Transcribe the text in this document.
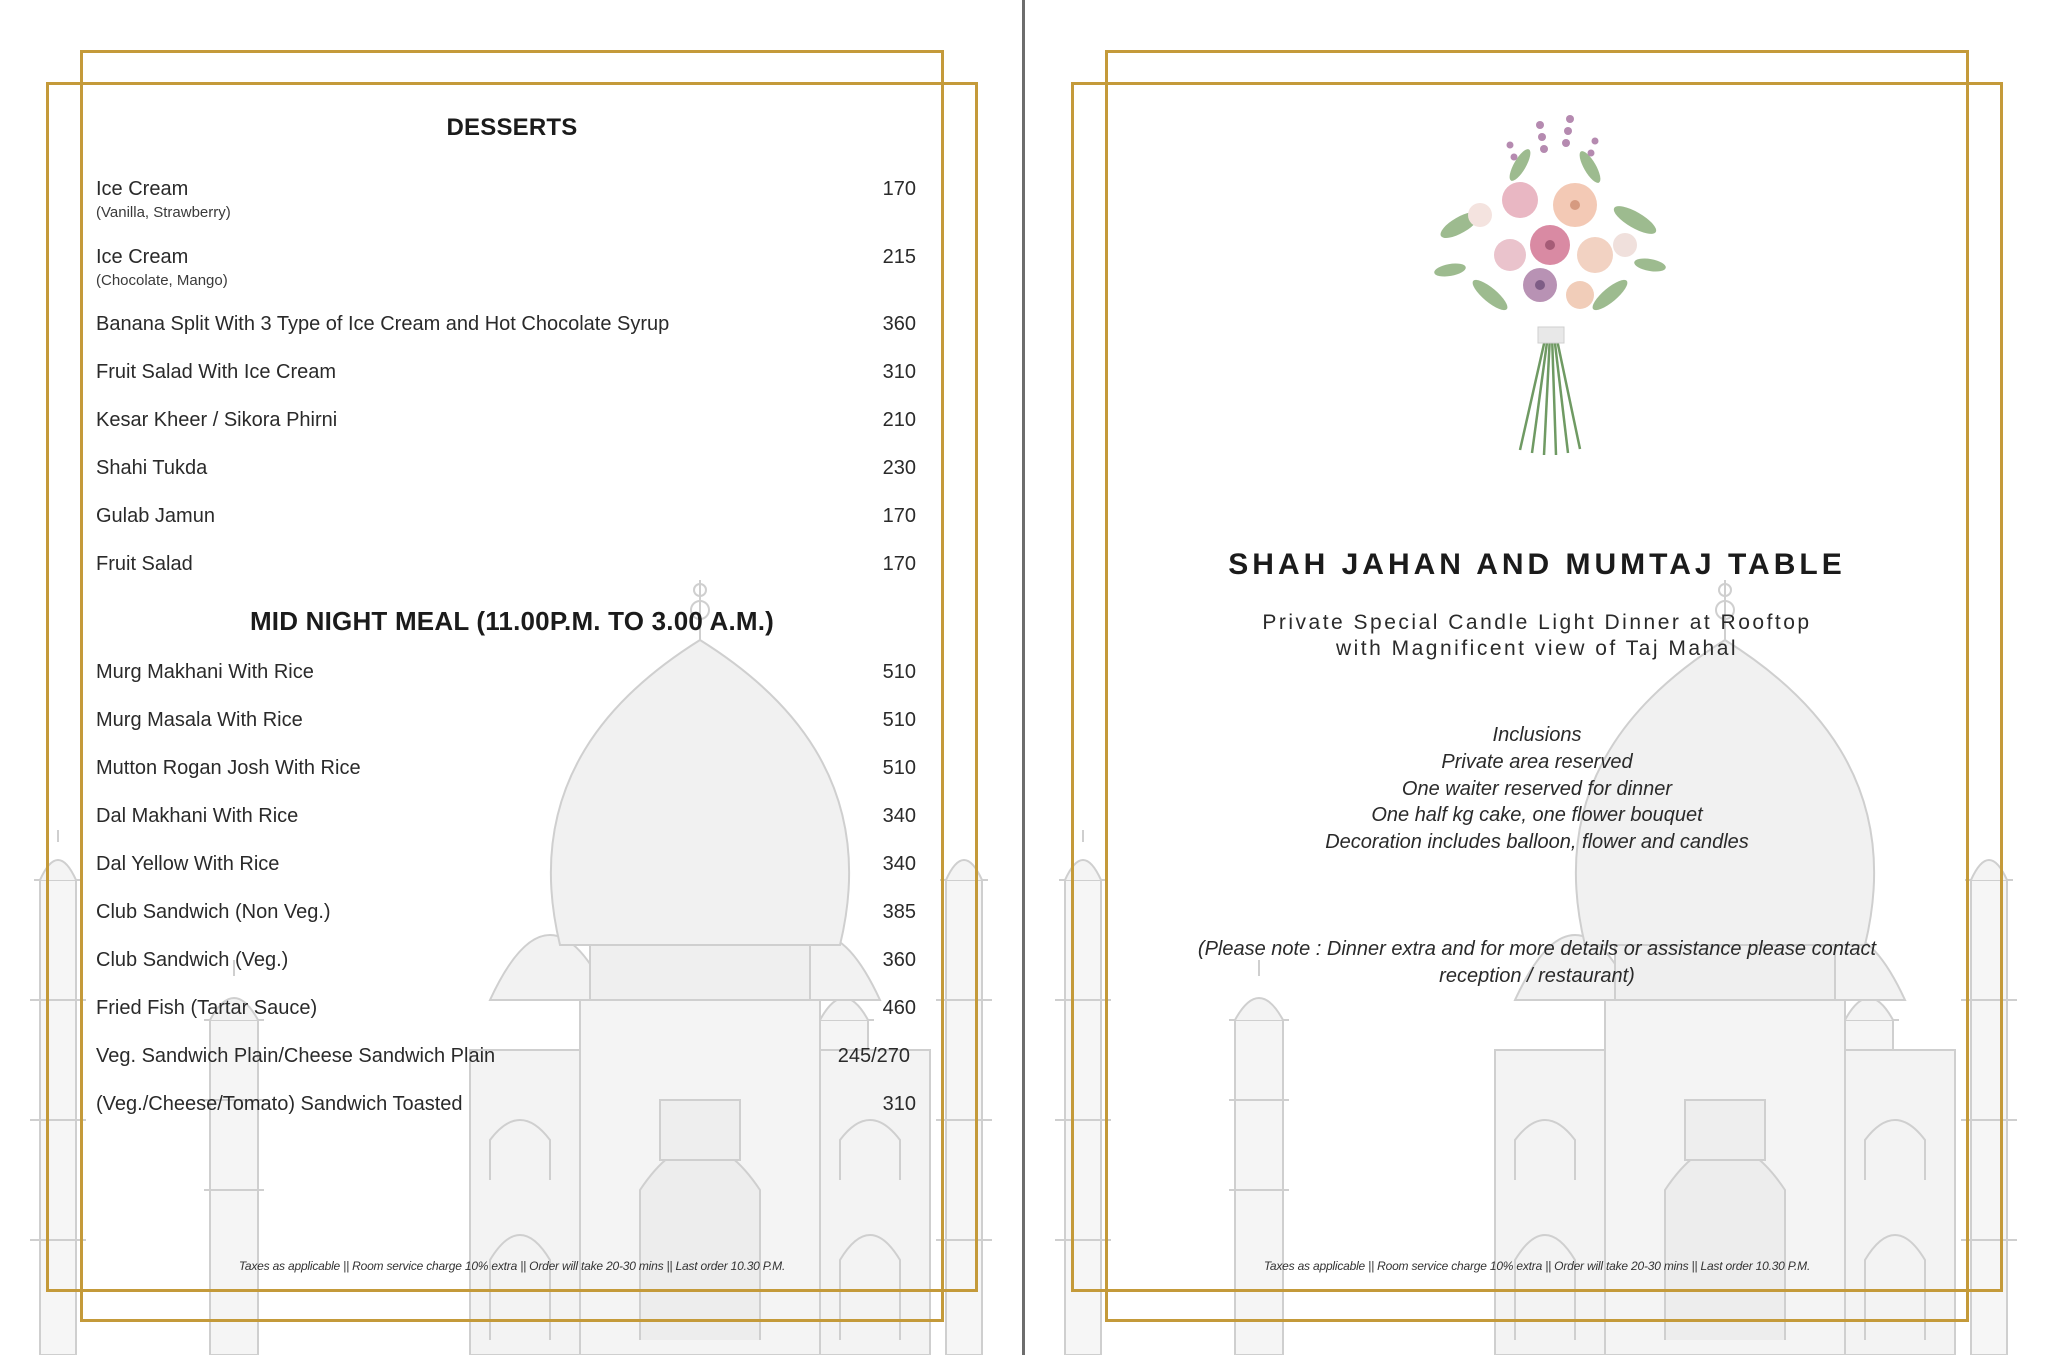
DESSERTS
Ice Cream
(Vanilla, Strawberry)
170
Ice Cream
(Chocolate, Mango)
215
Banana Split With 3 Type of Ice Cream and Hot Chocolate Syrup	360
Fruit Salad With Ice Cream	310
Kesar Kheer / Sikora Phirni	210
Shahi Tukda	230
Gulab Jamun	170
Fruit Salad	170
MID NIGHT MEAL (11.00P.M. TO 3.00 A.M.)
Murg Makhani With Rice	510
Murg Masala With Rice	510
Mutton Rogan Josh With Rice	510
Dal Makhani With Rice	340
Dal Yellow With Rice	340
Club Sandwich (Non Veg.)	385
Club Sandwich (Veg.)	360
Fried Fish (Tartar Sauce)	460
Veg. Sandwich Plain/Cheese Sandwich Plain	245/270
(Veg./Cheese/Tomato) Sandwich Toasted	310
Taxes as applicable || Room service charge 10% extra || Order will take 20-30 mins || Last order 10.30 P.M.
SHAH JAHAN AND MUMTAJ TABLE
Private Special Candle Light Dinner at Rooftop
with Magnificent view of Taj Mahal
Inclusions
Private area reserved
One waiter reserved for dinner
One half kg cake, one flower bouquet
Decoration includes balloon, flower and candles
(Please note : Dinner extra and for more details or assistance please contact
reception / restaurant)
Taxes as applicable || Room service charge 10% extra || Order will take 20-30 mins || Last order 10.30 P.M.
